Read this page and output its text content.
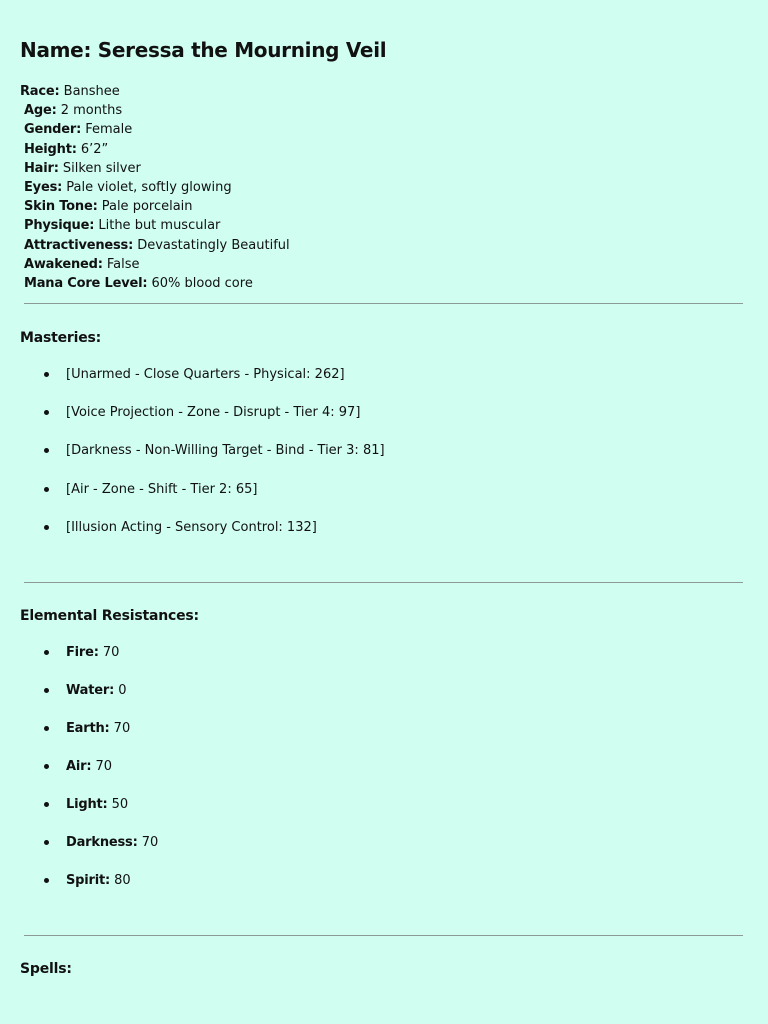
Name: Seressa the Mourning Veil
Race: Banshee
Age: 2 months
Gender: Female
Height: 6’2”
Hair: Silken silver
Eyes: Pale violet, softly glowing
Skin Tone: Pale porcelain
Physique: Lithe but muscular
Attractiveness: Devastatingly Beautiful
Awakened: False
Mana Core Level: 60% blood core
Masteries:
[Unarmed - Close Quarters - Physical: 262]
[Voice Projection - Zone - Disrupt - Tier 4: 97]
[Darkness - Non-Willing Target - Bind - Tier 3: 81]
[Air - Zone - Shift - Tier 2: 65]
[Illusion Acting - Sensory Control: 132]
Elemental Resistances:
Fire: 70
Water: 0
Earth: 70
Air: 70
Light: 50
Darkness: 70
Spirit: 80
Spells:
